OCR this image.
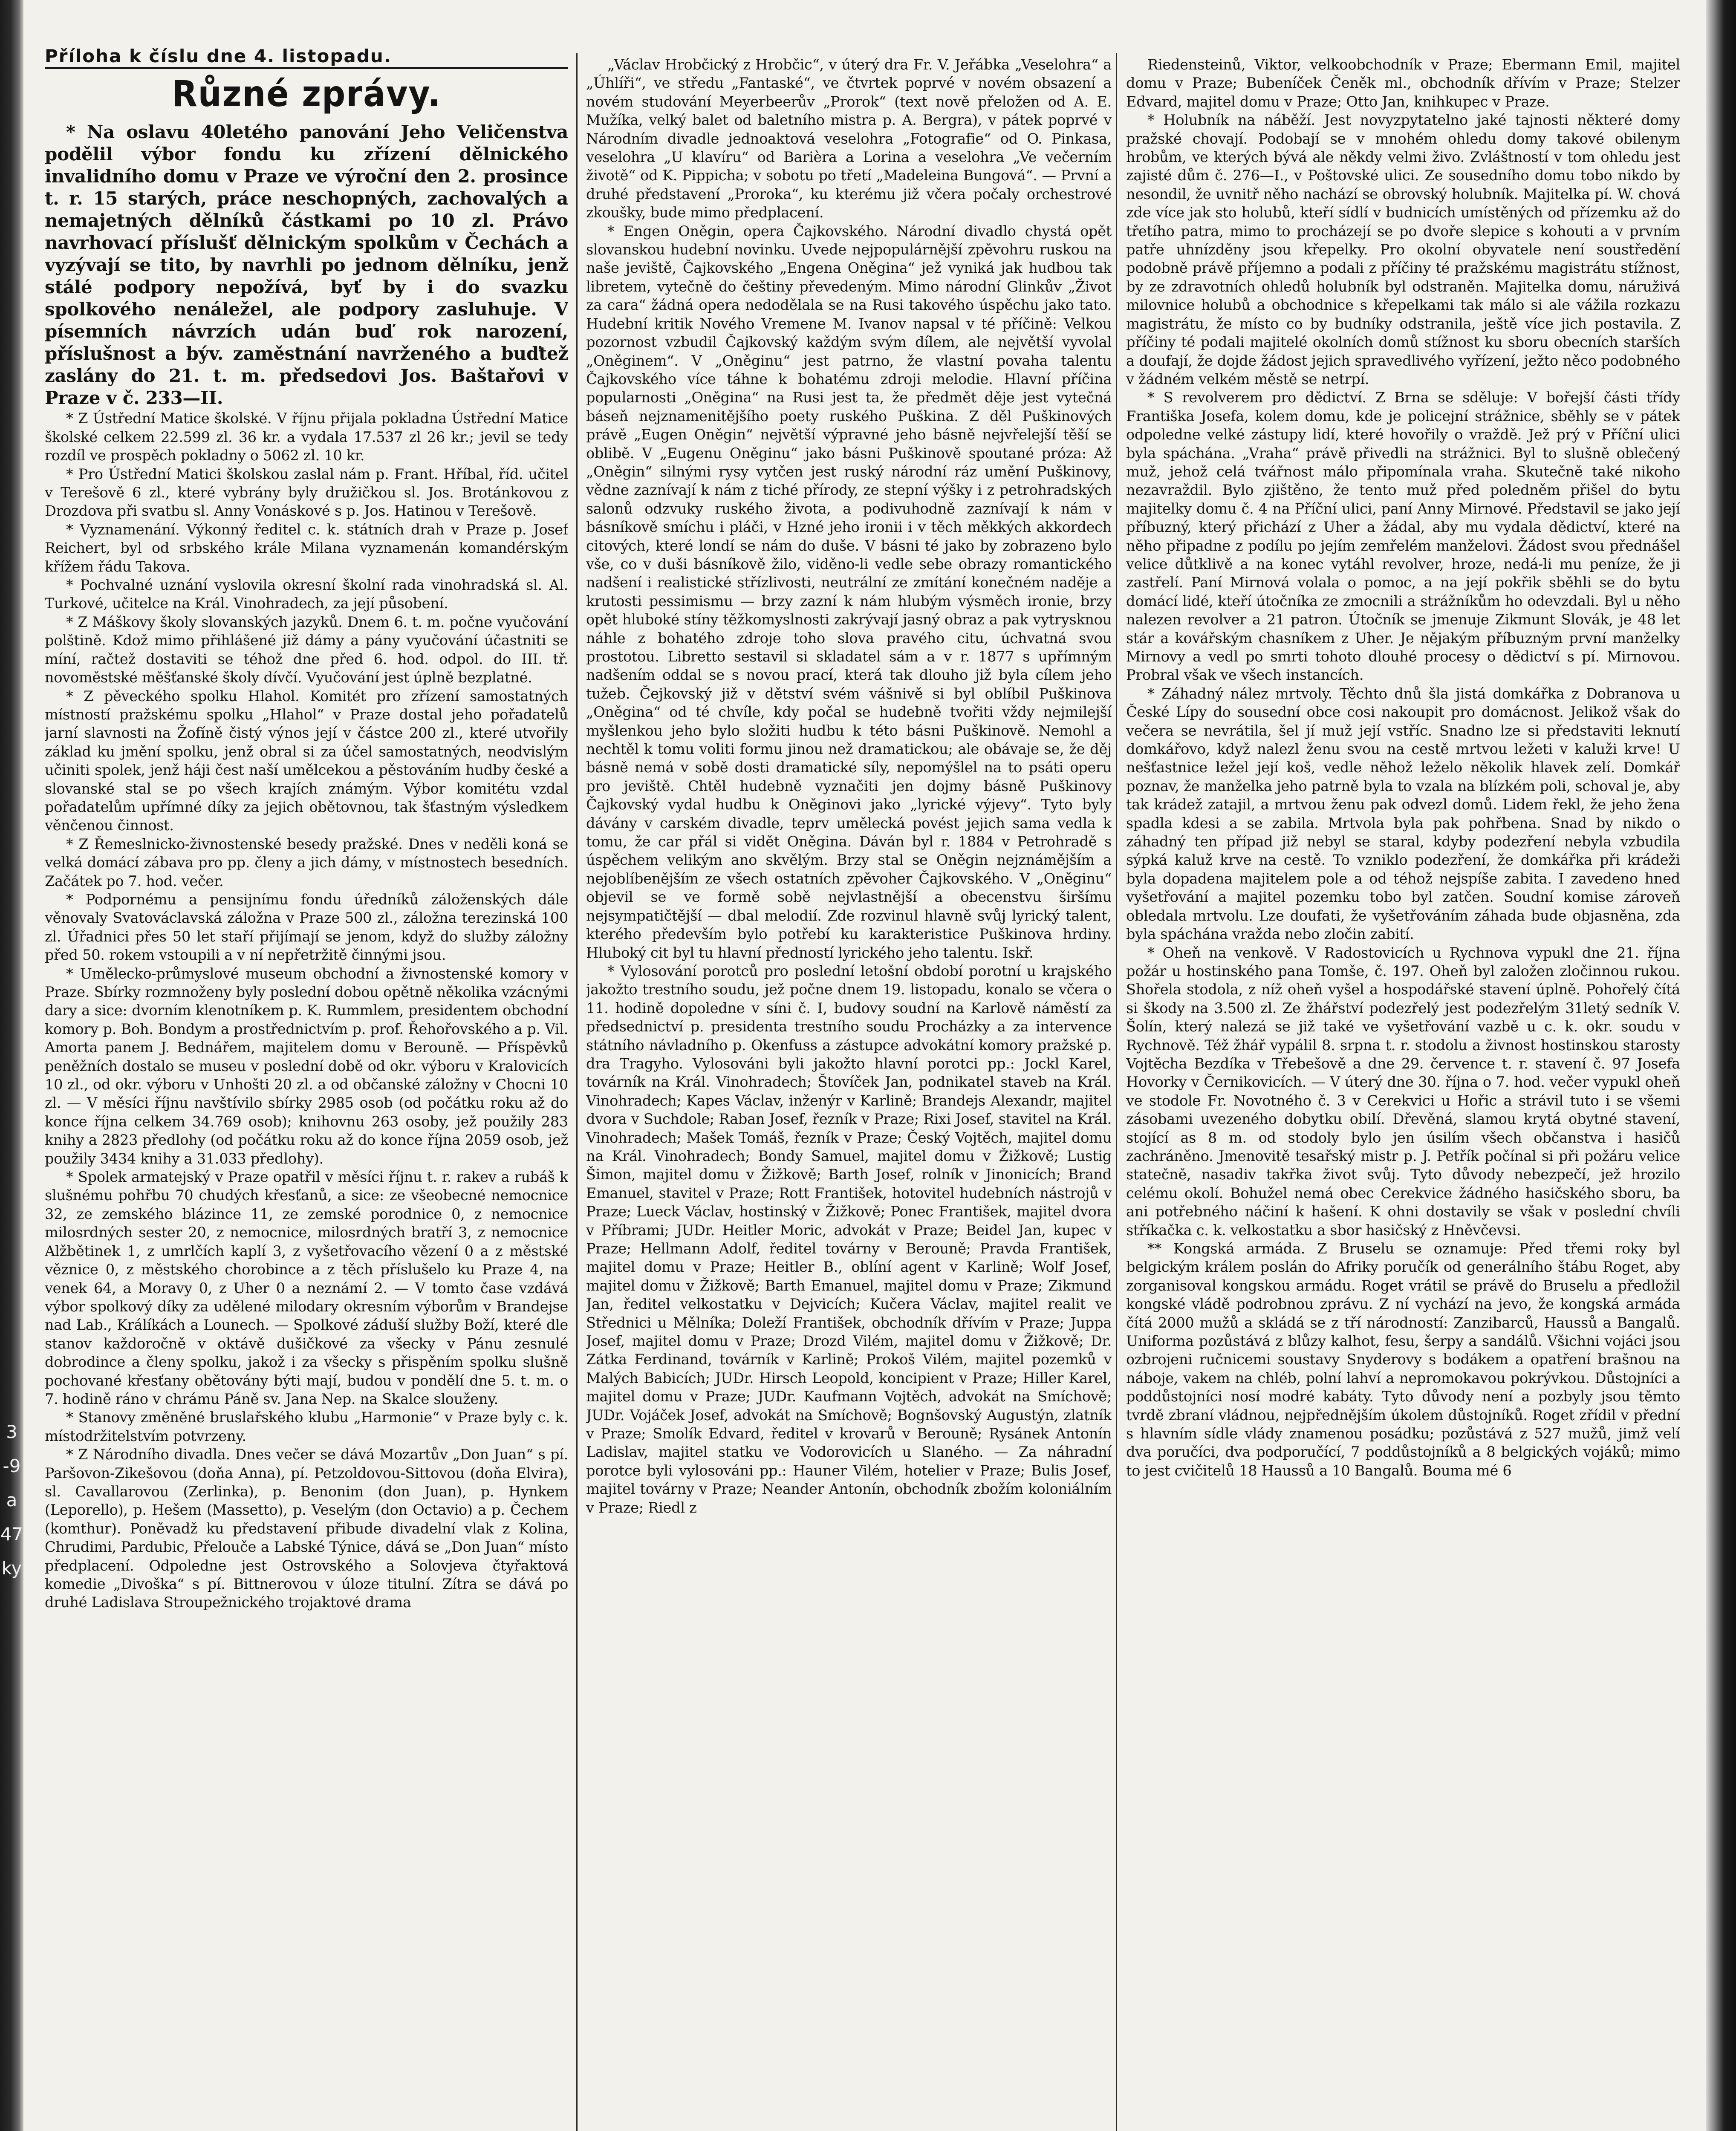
3
-9
a
47
ky
Příloha k číslu dne 4. listopadu.
Různé zprávy.

* Na oslavu 40letého panování Jeho Veličenstva podělil výbor fondu ku zřízení dělnického invalidního domu v Praze ve výroční den 2. prosince t. r. 15 starých, práce neschopných, zachovalých a nemajetných dělníků částkami po 10 zl. Právo navrhovací příslušť dělnickým spolkům v Čechách a vyzývají se tito, by navrhli po jednom dělníku, jenž stálé podpory nepožívá, byť by i do svazku spolkového nenáležel, ale podpory zasluhuje. V písemních návrzích udán buď rok narození, příslušnost a býv. zaměstnání navrženého a buďtež zaslány do 21. t. m. předsedovi Jos. Baštařovi v Praze v č. 233—II.

* Z Ústřední Matice školské. V říjnu přijala pokladna Ústřední Matice školské celkem 22.599 zl. 36 kr. a vydala 17.537 zl 26 kr.; jevil se tedy rozdíl ve prospěch pokladny o 5062 zl. 10 kr.

* Pro Ústřední Matici školskou zaslal nám p. Frant. Hříbal, říd. učitel v Terešově 6 zl., které vybrány byly družičkou sl. Jos. Brotánkovou z Drozdova při svatbu sl. Anny Vonáskové s p. Jos. Hatinou v Terešově.

* Vyznamenání. Výkonný ředitel c. k. státních drah v Praze p. Josef Reichert, byl od srbského krále Milana vyznamenán komandérským křížem řádu Takova.

* Pochvalné uznání vyslovila okresní školní rada vinohradská sl. Al. Turkové, učitelce na Král. Vinohradech, za její působení.

* Z Máškovy školy slovanských jazyků. Dnem 6. t. m. počne vyučování polštině. Kdož mimo přihlášené již dámy a pány vyučování účastniti se míní, račtež dostaviti se téhož dne před 6. hod. odpol. do III. tř. novoměstské měšťanské školy dívčí. Vyučování jest úplně bezplatné.

* Z pěveckého spolku Hlahol. Komitét pro zřízení samostatných místností pražskému spolku „Hlahol“ v Praze dostal jeho pořadatelů jarní slavnosti na Žofíně čistý výnos její v částce 200 zl., které utvořily základ ku jmění spolku, jenž obral si za účel samostatných, neodvislým učiniti spolek, jenž háji čest naší umělcekou a pěstováním hudby české a slovanské stal se po všech krajích známým. Výbor komitétu vzdal pořadatelům upřímné díky za jejich obětovnou, tak šťastným výsledkem věnčenou činnost.

* Z Řemeslnicko-živnostenské besedy pražské. Dnes v neděli koná se velká domácí zábava pro pp. členy a jich dámy, v místnostech besedních. Začátek po 7. hod. večer.

* Podpornému a pensijnímu fondu úředníků záloženských dále věnovaly Svatováclavská záložna v Praze 500 zl., záložna terezinská 100 zl. Úřadnici přes 50 let staří přijímají se jenom, když do služby záložny před 50. rokem vstoupili a v ní nepřetržitě činnými jsou.

* Umělecko-průmyslové museum obchodní a živnostenské komory v Praze. Sbírky rozmnoženy byly poslední dobou opětně několika vzácnými dary a sice: dvorním klenotníkem p. K. Rummlem, presidentem obchodní komory p. Boh. Bondym a prostřednictvím p. prof. Řehořovského a p. Vil. Amorta panem J. Bednářem, majitelem domu v Berouně. — Příspěvků peněžních dostalo se museu v poslední době od okr. výboru v Kralovicích 10 zl., od okr. výboru v Unhošti 20 zl. a od občanské záložny v Chocni 10 zl. — V měsíci říjnu navštívilo sbírky 2985 osob (od počátku roku až do konce října celkem 34.769 osob); knihovnu 263 osoby, jež použily 283 knihy a 2823 předlohy (od počátku roku až do konce října 2059 osob, jež použily 3434 knihy a 31.033 předlohy).

* Spolek armatejský v Praze opatřil v měsíci říjnu t. r. rakev a rubáš k slušnému pohřbu 70 chudých křesťanů, a sice: ze všeobecné nemocnice 32, ze zemského blázince 11, ze zemské porodnice 0, z nemocnice milosrdných sester 20, z nemocnice, milosrdných bratří 3, z nemocnice Alžbětinek 1, z umrlčích kaplí 3, z vyšetřovacího vězení 0 a z městské věznice 0, z městského chorobince a z těch příslušelo ku Praze 4, na venek 64, a Moravy 0, z Uher 0 a neznámí 2. — V tomto čase vzdává výbor spolkový díky za udělené milodary okresním výborům v Brandejse nad Lab., Králíkách a Lounech. — Spolkové záduší služby Boží, které dle stanov každoročně v oktávě dušičkové za všecky v Pánu zesnulé dobrodince a členy spolku, jakož i za všecky s přispěním spolku slušně pochované křesťany obětovány býti mají, budou v pondělí dne 5. t. m. o 7. hodině ráno v chrámu Páně sv. Jana Nep. na Skalce slouženy.

* Stanovy změněné bruslařského klubu „Harmonie“ v Praze byly c. k. místodržitelstvím potvrzeny.

* Z Národního divadla. Dnes večer se dává Mozartův „Don Juan“ s pí. Paršovon-Zikešovou (doňa Anna), pí. Petzoldovou-Sittovou (doňa Elvira), sl. Cavallarovou (Zerlinka), p. Benonim (don Juan), p. Hynkem (Leporello), p. Hešem (Massetto), p. Veselým (don Octavio) a p. Čechem (komthur). Poněvadž ku představení přibude divadelní vlak z Kolina, Chrudimi, Pardubic, Přelouče a Labské Týnice, dává se „Don Juan“ místo předplacení. Odpoledne jest Ostrovského a Solovjeva čtyřaktová komedie „Divoška“ s pí. Bittnerovou v úloze titulní. Zítra se dává po druhé Ladislava Stroupežnického trojaktové drama

„Václav Hrobčický z Hrobčic“, v úterý dra Fr. V. Jeřábka „Veselohra“ a „Úhlíři“, ve středu „Fantaské“, ve čtvrtek poprvé v novém obsazení a novém studování Meyerbeerův „Prorok“ (text nově přeložen od A. E. Mužíka, velký balet od baletního mistra p. A. Bergra), v pátek poprvé v Národním divadle jednoaktová veselohra „Fotografie“ od O. Pinkasa, veselohra „U klavíru“ od Barièra a Lorina a veselohra „Ve večerním životě“ od K. Pippicha; v sobotu po třetí „Madeleina Bungová“. — První a druhé představení „Proroka“, ku kterému již včera počaly orchestrové zkoušky, bude mimo předplacení.

* Engen Oněgin, opera Čajkovského. Národní divadlo chystá opět slovanskou hudební novinku. Uvede nejpopulárnější zpěvohru ruskou na naše jeviště, Čajkovského „Engena Oněgina“ jež vyniká jak hudbou tak libretem, vytečně do češtiny převedeným. Mimo národní Glinkův „Život za cara“ žádná opera nedodělala se na Rusi takového úspěchu jako tato. Hudební kritik Nového Vremene M. Ivanov napsal v té příčině: Velkou pozornost vzbudil Čajkovský každým svým dílem, ale největší vyvolal „Oněginem“. V „Oněginu“ jest patrno, že vlastní povaha talentu Čajkovského více táhne k bohatému zdroji melodie. Hlavní příčina popularnosti „Oněgina“ na Rusi jest ta, že předmět děje jest vytečná báseň nejznamenitějšího poety ruského Puškina. Z děl Puškinových právě „Eugen Oněgin“ největší výpravné jeho básně nejvřelejší těší se oblibě. V „Eugenu Oněginu“ jako básni Puškinově spoutané próza: Až „Oněgin“ silnými rysy vytčen jest ruský národní ráz umění Puškinovy, vědne zaznívají k nám z tiché přírody, ze stepní výšky i z petrohradských salonů odzvuky ruského života, a podivuhodně zaznívají k nám v básníkově smíchu i pláči, v Hzné jeho ironii i v těch měkkých akkordech citových, které londí se nám do duše. V básni té jako by zobrazeno bylo vše, co v duši básníkově žilo, viděno-li vedle sebe obrazy romantického nadšení i realistické střízlivosti, neutrální ze zmítání konečném naděje a krutosti pessimismu — brzy zazní k nám hlubým výsměch ironie, brzy opět hluboké stíny těžkomyslnosti zakrývají jasný obraz a pak vytrysknou náhle z bohatého zdroje toho slova pravého citu, úchvatná svou prostotou. Libretto sestavil si skladatel sám a v r. 1877 s upřímným nadšením oddal se s novou prací, která tak dlouho již byla cílem jeho tužeb. Čejkovský již v dětství svém vášnivě si byl oblíbil Puškinova „Oněgina“ od té chvíle, kdy počal se hudebně tvořiti vždy nejmilejší myšlenkou jeho bylo složiti hudbu k této básni Puškinově. Nemohl a nechtěl k tomu voliti formu jinou než dramatickou; ale obávaje se, že děj básně nemá v sobě dosti dramatické síly, nepomýšlel na to psáti operu pro jeviště. Chtěl hudebně vyznačiti jen dojmy básně Puškinovy Čajkovský vydal hudbu k Oněginovi jako „lyrické výjevy“. Tyto byly dávány v carském divadle, teprv umělecká povést jejich sama vedla k tomu, že car přál si vidět Oněgina. Dáván byl r. 1884 v Petrohradě s úspěchem velikým ano skvělým. Brzy stal se Oněgin nejznámějším a nejoblíbenějším ze všech ostatních zpěvoher Čajkovského. V „Oněginu“ objevil se ve formě sobě nejvlastnější a obecenstvu širšímu nejsympatičtější — dbal melodií. Zde rozvinul hlavně svůj lyrický talent, kterého především bylo potřebí ku karakteristice Puškinova hrdiny. Hluboký cit byl tu hlavní předností lyrického jeho talentu. Iskř.

* Vylosování porotců pro poslední letošní období porotní u krajského jakožto trestního soudu, jež počne dnem 19. listopadu, konalo se včera o 11. hodině dopoledne v síni č. I, budovy soudní na Karlově náměstí za předsednictví p. presidenta trestního soudu Procházky a za intervence státního návladního p. Okenfuss a zástupce advokátní komory pražské p. dra Tragyho. Vylosováni byli jakožto hlavní porotci pp.: Jockl Karel, továrník na Král. Vinohradech; Štovíček Jan, podnikatel staveb na Král. Vinohradech; Kapes Václav, inženýr v Karlině; Brandejs Alexandr, majitel dvora v Suchdole; Raban Josef, řezník v Praze; Rixi Josef, stavitel na Král. Vinohradech; Mašek Tomáš, řezník v Praze; Český Vojtěch, majitel domu na Král. Vinohradech; Bondy Samuel, majitel domu v Žižkově; Lustig Šimon, majitel domu v Žižkově; Barth Josef, rolník v Jinonicích; Brand Emanuel, stavitel v Praze; Rott František, hotovitel hudebních nástrojů v Praze; Lueck Václav, hostinský v Žižkově; Ponec František, majitel dvora v Příbrami; JUDr. Heitler Moric, advokát v Praze; Beidel Jan, kupec v Praze; Hellmann Adolf, ředitel továrny v Berouně; Pravda František, majitel domu v Praze; Heitler B., oblíní agent v Karlině; Wolf Josef, majitel domu v Žižkově; Barth Emanuel, majitel domu v Praze; Zikmund Jan, ředitel velkostatku v Dejvicích; Kučera Václav, majitel realit ve Střednici u Mělníka; Doleží František, obchodník dřívím v Praze; Juppa Josef, majitel domu v Praze; Drozd Vilém, majitel domu v Žižkově; Dr. Zátka Ferdinand, továrník v Karlině; Prokoš Vilém, majitel pozemků v Malých Babicích; JUDr. Hirsch Leopold, koncipient v Praze; Hiller Karel, majitel domu v Praze; JUDr. Kaufmann Vojtěch, advokát na Smíchově; JUDr. Vojáček Josef, advokát na Smíchově; Bognšovský Augustýn, zlatník v Praze; Smolík Edvard, ředitel v krovarů v Berouně; Rysánek Antonín Ladislav, majitel statku ve Vodorovicích u Slaného. — Za náhradní porotce byli vylosováni pp.: Hauner Vilém, hotelier v Praze; Bulis Josef, majitel továrny v Praze; Neander Antonín, obchodník zbožím koloniálním v Praze; Riedl z

Riedensteinů, Viktor, velkoobchodník v Praze; Ebermann Emil, majitel domu v Praze; Bubeníček Čeněk ml., obchodník dřívím v Praze; Stelzer Edvard, majitel domu v Praze; Otto Jan, knihkupec v Praze.

* Holubník na náběží. Jest novyzpytatelno jaké tajnosti některé domy pražské chovají. Podobají se v mnohém ohledu domy takové obilenym hrobům, ve kterých bývá ale někdy velmi živo. Zvláštností v tom ohledu jest zajisté dům č. 276—I., v Poštovské ulici. Ze sousedního domu tobo nikdo by nesondil, že uvnitř něho nachází se obrovský holubník. Majitelka pí. W. chová zde více jak sto holubů, kteří sídlí v budnicích umístěných od přízemku až do třetího patra, mimo to procházejí se po dvoře slepice s kohouti a v prvním patře uhnízděny jsou křepelky. Pro okolní obyvatele není soustředění podobně právě příjemno a podali z příčiny té pražskému magistrátu stížnost, by ze zdravotních ohledů holubník byl odstraněn. Majitelka domu, náruživá milovnice holubů a obchodnice s křepelkami tak málo si ale vážila rozkazu magistrátu, že místo co by budníky odstranila, ještě více jich postavila. Z příčiny té podali majitelé okolních domů stížnost ku sboru obecních starších a doufají, že dojde žádost jejich spravedlivého vyřízení, ježto něco podobného v žádném velkém městě se netrpí.

* S revolverem pro dědictví. Z Brna se sděluje: V bořejší části třídy Františka Josefa, kolem domu, kde je policejní strážnice, sběhly se v pátek odpoledne velké zástupy lidí, které hovořily o vraždě. Jež prý v Příční ulici byla spáchána. „Vraha“ právě přivedli na strážnici. Byl to slušně oblečený muž, jehož celá tvářnost málo připomínala vraha. Skutečně také nikoho nezavraždil. Bylo zjištěno, že tento muž před poledněm přišel do bytu majitelky domu č. 4 na Příční ulici, paní Anny Mirnové. Představil se jako její příbuzný, který přichází z Uher a žádal, aby mu vydala dědictví, které na něho připadne z podílu po jejím zemřelém manželovi. Žádost svou přednášel velice důtklivě a na konec vytáhl revolver, hroze, nedá-li mu peníze, že ji zastřelí. Paní Mirnová volala o pomoc, a na její pokřik sběhli se do bytu domácí lidé, kteří útočníka ze zmocnili a strážníkům ho odevzdali. Byl u něho nalezen revolver a 21 patron. Útočník se jmenuje Zikmunt Slovák, je 48 let stár a kovářským chasníkem z Uher. Je nějakým příbuzným první manželky Mirnovy a vedl po smrti tohoto dlouhé procesy o dědictví s pí. Mirnovou. Probral však ve všech instancích.

* Záhadný nález mrtvoly. Těchto dnů šla jistá domkářka z Dobranova u České Lípy do sousední obce cosi nakoupit pro domácnost. Jelikož však do večera se nevrátila, šel jí muž její vstříc. Snadno lze si představiti leknutí domkářovo, když nalezl ženu svou na cestě mrtvou ležeti v kaluži krve! U nešťastnice ležel její koš, vedle něhož leželo několik hlavek zelí. Domkář poznav, že manželka jeho patrně byla to vzala na blízkém poli, schoval je, aby tak krádež zatajil, a mrtvou ženu pak odvezl domů. Lidem řekl, že jeho žena spadla kdesi a se zabila. Mrtvola byla pak pohřbena. Snad by nikdo o záhadný ten případ již nebyl se staral, kdyby podezření nebyla vzbudila sýpká kaluž krve na cestě. To vzniklo podezření, že domkářka při krádeži byla dopadena majitelem pole a od téhož nejspíše zabita. I zavedeno hned vyšetřování a majitel pozemku tobo byl zatčen. Soudní komise zároveň obledala mrtvolu. Lze doufati, že vyšetřováním záhada bude objasněna, zda byla spáchána vražda nebo zločin zabití.

* Oheň na venkově. V Radostovicích u Rychnova vypukl dne 21. října požár u hostinského pana Tomše, č. 197. Oheň byl založen zločinnou rukou. Shořela stodola, z níž oheň vyšel a hospodářské stavení úplně. Pohořelý čítá si škody na 3.500 zl. Ze žhářství podezřelý jest podezřelým 31letý sedník V. Šolín, který nalezá se již také ve vyšetřování vazbě u c. k. okr. soudu v Rychnově. Též žhář vypálil 8. srpna t. r. stodolu a živnost hostinskou starosty Vojtěcha Bezdíka v Třebešově a dne 29. července t. r. stavení č. 97 Josefa Hovorky v Černikovicích. — V úterý dne 30. října o 7. hod. večer vypukl oheň ve stodole Fr. Novotného č. 3 v Cerekvici u Hořic a strávil tuto i se všemi zásobami uvezeného dobytku obilí. Dřevěná, slamou krytá obytné stavení, stojící as 8 m. od stodoly bylo jen úsilím všech občanstva i hasičů zachráněno. Jmenovitě tesařský mistr p. J. Petřík počínal si při požáru velice statečně, nasadiv takřka život svůj. Tyto důvody nebezpečí, jež hrozilo celému okolí. Bohužel nemá obec Cerekvice žádného hasičského sboru, ba ani potřebného náčiní k hašení. K ohni dostavily se však v poslední chvíli stříkačka c. k. velkostatku a sbor hasičský z Hněvčevsi.

** Kongská armáda. Z Bruselu se oznamuje: Před třemi roky byl belgickým králem poslán do Afriky poručík od generálního štábu Roget, aby zorganisoval kongskou armádu. Roget vrátil se právě do Bruselu a předložil kongské vládě podrobnou zprávu. Z ní vychází na jevo, že kongská armáda čítá 2000 mužů a skládá se z tří národností: Zanzibarců, Haussů a Bangalů. Uniforma pozůstává z blůzy kalhot, fesu, šerpy a sandálů. Všichni vojáci jsou ozbrojeni ručnicemi soustavy Snyderovy s bodákem a opatření brašnou na náboje, vakem na chléb, polní lahví a nepromokavou pokrývkou. Důstojníci a poddůstojníci nosí modré kabáty. Tyto důvody není a pozbyly jsou těmto tvrdě zbraní vládnou, nejpřednějším úkolem důstojníků. Roget zřídil v přední s hlavním sídle vlády znamenou posádku; pozůstává z 527 mužů, jimž velí dva poručíci, dva podporučící, 7 poddůstojníků a 8 belgických vojáků; mimo to jest cvičitelů 18 Haussů a 10 Bangalů. Bouma mé 6
